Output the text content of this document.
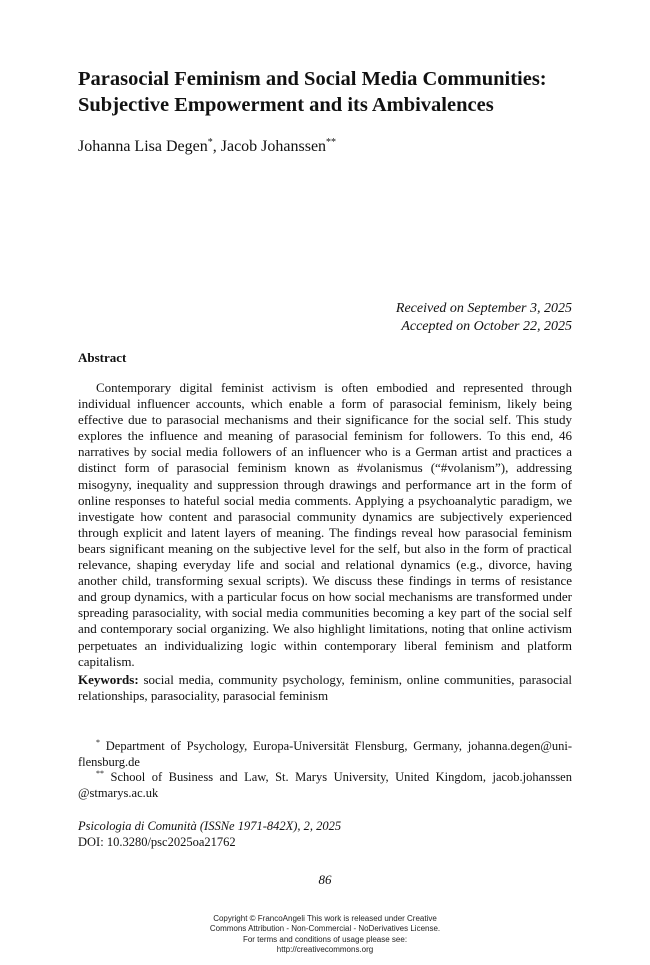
Parasocial Feminism and Social Media Communities:
Subjective Empowerment and its Ambivalences
Johanna Lisa Degen*, Jacob Johanssen**
Received on September 3, 2025
Accepted on October 22, 2025
Abstract

Contemporary digital feminist activism is often embodied and represented through individual influencer accounts, which enable a form of parasocial feminism, likely being effective due to parasocial mechanisms and their significance for the social self. This study explores the influence and meaning of parasocial feminism for followers. To this end, 46 narratives by social media followers of an influencer who is a German artist and practices a distinct form of parasocial feminism known as #volanismus (“#volanism”), addressing misogyny, inequality and suppression through drawings and performance art in the form of online responses to hateful social media comments. Applying a psychoanalytic paradigm, we investigate how content and parasocial community dynamics are subjectively experienced through explicit and latent layers of meaning. The findings reveal how parasocial feminism bears significant meaning on the subjective level for the self, but also in the form of practical relevance, shaping everyday life and social and relational dynamics (e.g., divorce, having another child, transforming sexual scripts). We discuss these findings in terms of resistance and group dynamics, with a particular focus on how social mechanisms are transformed under spreading parasociality, with social media communities becoming a key part of the social self and contemporary social organizing. We also highlight limitations, noting that online activism perpetuates an individualizing logic within contemporary liberal feminism and platform capitalism.

Keywords: social media, community psychology, feminism, online communities, parasocial relationships, parasociality, parasocial feminism

* Department of Psychology, Europa-Universität Flensburg, Germany, johanna.degen@uni-flensburg.de

** School of Business and Law, St. Marys University, United Kingdom, jacob.johanssen @stmarys.ac.uk

Psicologia di Comunità (ISSNe 1971-842X), 2, 2025
DOI: 10.3280/psc2025oa21762
86
Copyright © FrancoAngeli This work is released under Creative
Commons Attribution - Non-Commercial - NoDerivatives License.
For terms and conditions of usage please see:
http://creativecommons.org
